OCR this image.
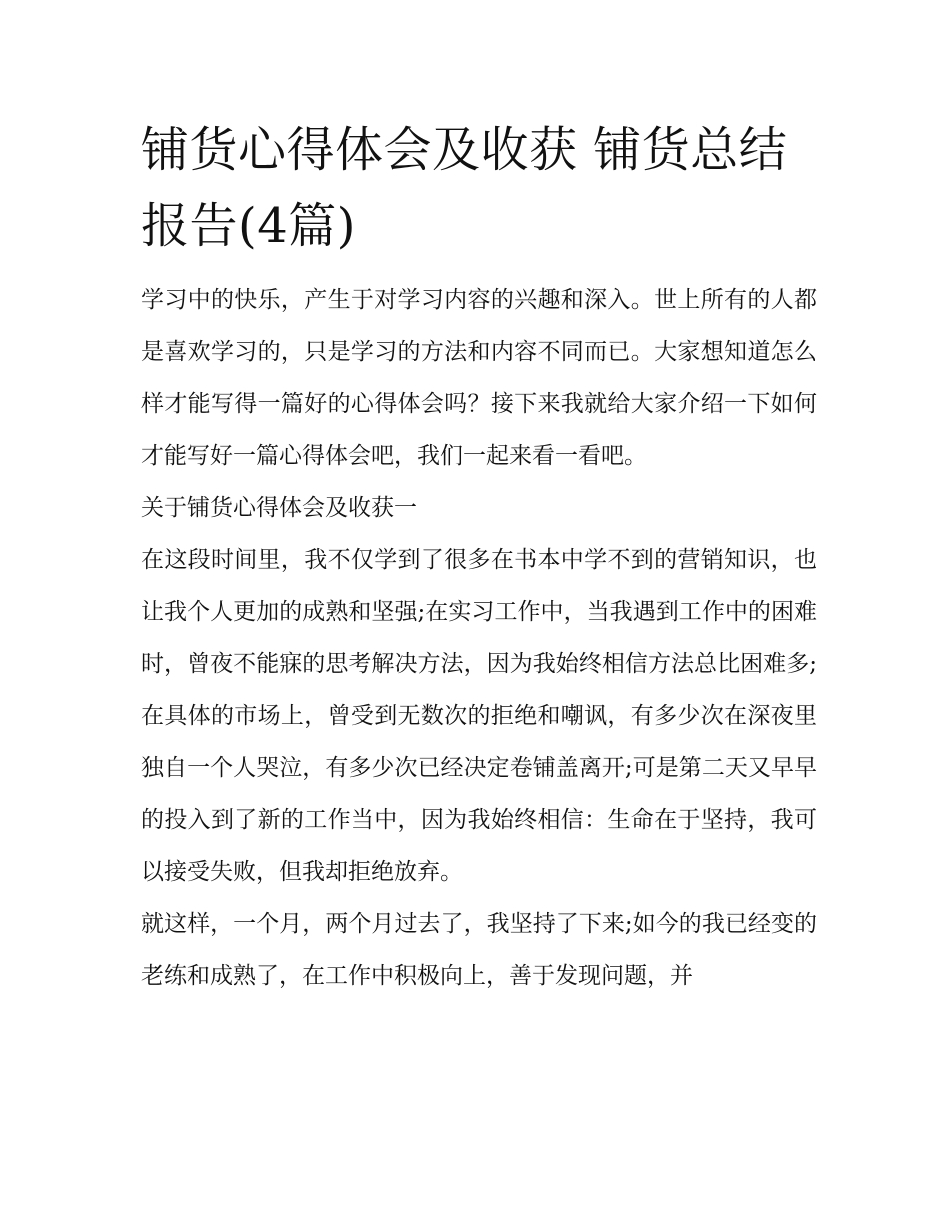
铺货心得体会及收获 铺货总结报告(4篇)

学习中的快乐，产生于对学习内容的兴趣和深入。世上所有的人都是喜欢学习的，只是学习的方法和内容不同而已。大家想知道怎么样才能写得一篇好的心得体会吗？接下来我就给大家介绍一下如何才能写好一篇心得体会吧，我们一起来看一看吧。

关于铺货心得体会及收获一

在这段时间里，我不仅学到了很多在书本中学不到的营销知识，也让我个人更加的成熟和坚强;在实习工作中，当我遇到工作中的困难时，曾夜不能寐的思考解决方法，因为我始终相信方法总比困难多;在具体的市场上，曾受到无数次的拒绝和嘲讽，有多少次在深夜里独自一个人哭泣，有多少次已经决定卷铺盖离开;可是第二天又早早的投入到了新的工作当中，因为我始终相信：生命在于坚持，我可以接受失败，但我却拒绝放弃。

就这样，一个月，两个月过去了，我坚持了下来;如今的我已经变的老练和成熟了，在工作中积极向上，善于发现问题，并
